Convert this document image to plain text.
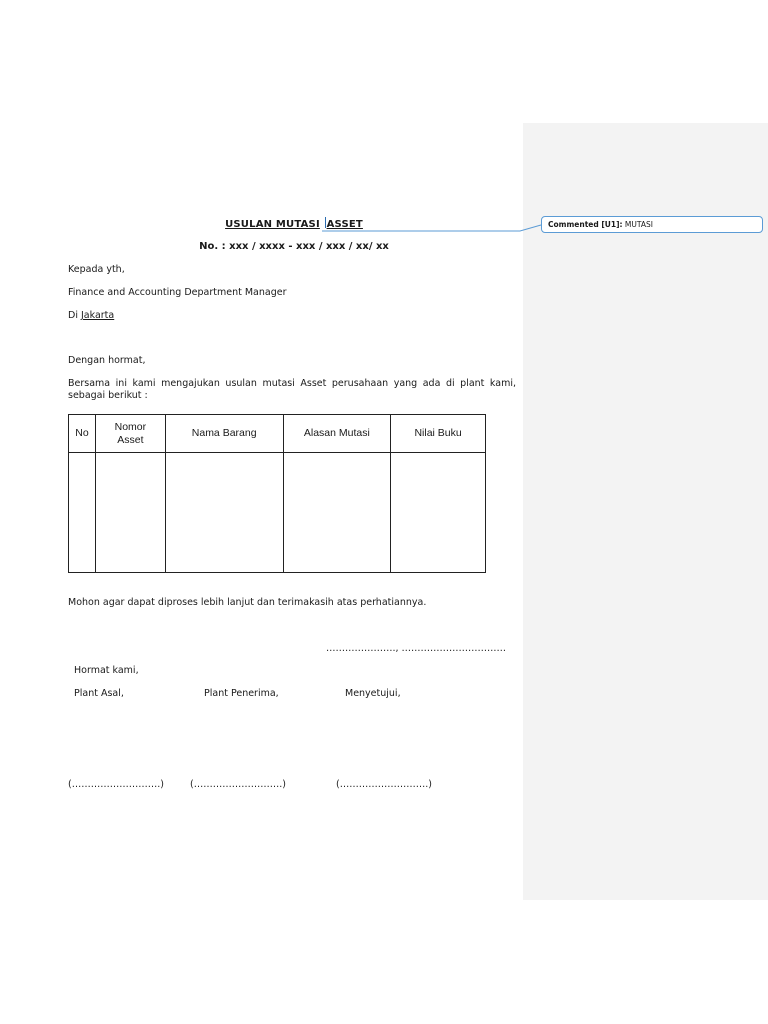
Commented [U1]: MUTASI
USULAN MUTASI ASSET
No. : xxx / xxxx - xxx / xxx / xx/ xx
Kepada yth,
Finance and Accounting Department Manager
Di Jakarta
Dengan hormat,
Bersama ini kami mengajukan usulan mutasi Asset perusahaan yang ada di plant kami, sebagai berikut :
No	Nomor Asset	Nama Barang	Alasan Mutasi	Nilai Buku

Mohon agar dapat diproses lebih lanjut dan terimakasih atas perhatiannya.
…………………., ……………………………
Hormat kami,
Plant Asal,	Plant Penerima,	Menyetujui,
(……………………….)	(……………………….)	(……………………….)
